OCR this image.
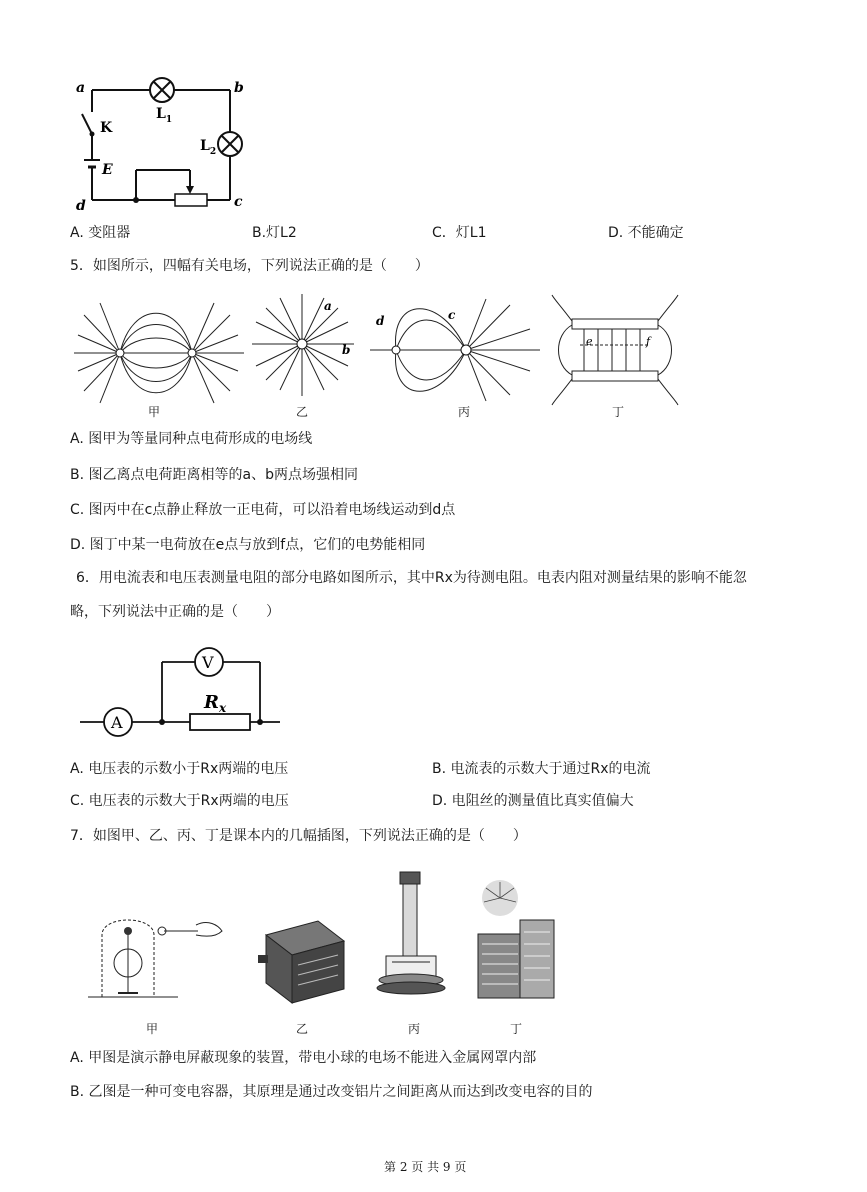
a	b
c
d
K
E
$L_1$
$L_2$
A. 变阻器	B.灯L2	C．灯L1	D. 不能确定
5．如图所示，四幅有关电场，下列说法正确的是（　　）
a
b
d	c
e	f
甲	乙	丙	丁
A. 图甲为等量同种点电荷形成的电场线
B. 图乙离点电荷距离相等的a、b两点场强相同
C. 图丙中在c点静止释放一正电荷，可以沿着电场线运动到d点
D. 图丁中某一电荷放在e点与放到f点，它们的电势能相同
6．用电流表和电压表测量电阻的部分电路如图所示，其中Rx为待测电阻。电表内阻对测量结果的影响不能忽
略，下列说法中正确的是（　　）
A
V
$R_x$
A. 电压表的示数小于Rx两端的电压	B. 电流表的示数大于通过Rx的电流
C. 电压表的示数大于Rx两端的电压	D. 电阻丝的测量值比真实值偏大
7．如图甲、乙、丙、丁是课本内的几幅插图，下列说法正确的是（　　）
甲	乙	丙	丁
A. 甲图是演示静电屏蔽现象的装置，带电小球的电场不能进入金属网罩内部
B. 乙图是一种可变电容器，其原理是通过改变铝片之间距离从而达到改变电容的目的
第 2 页 共 9 页
